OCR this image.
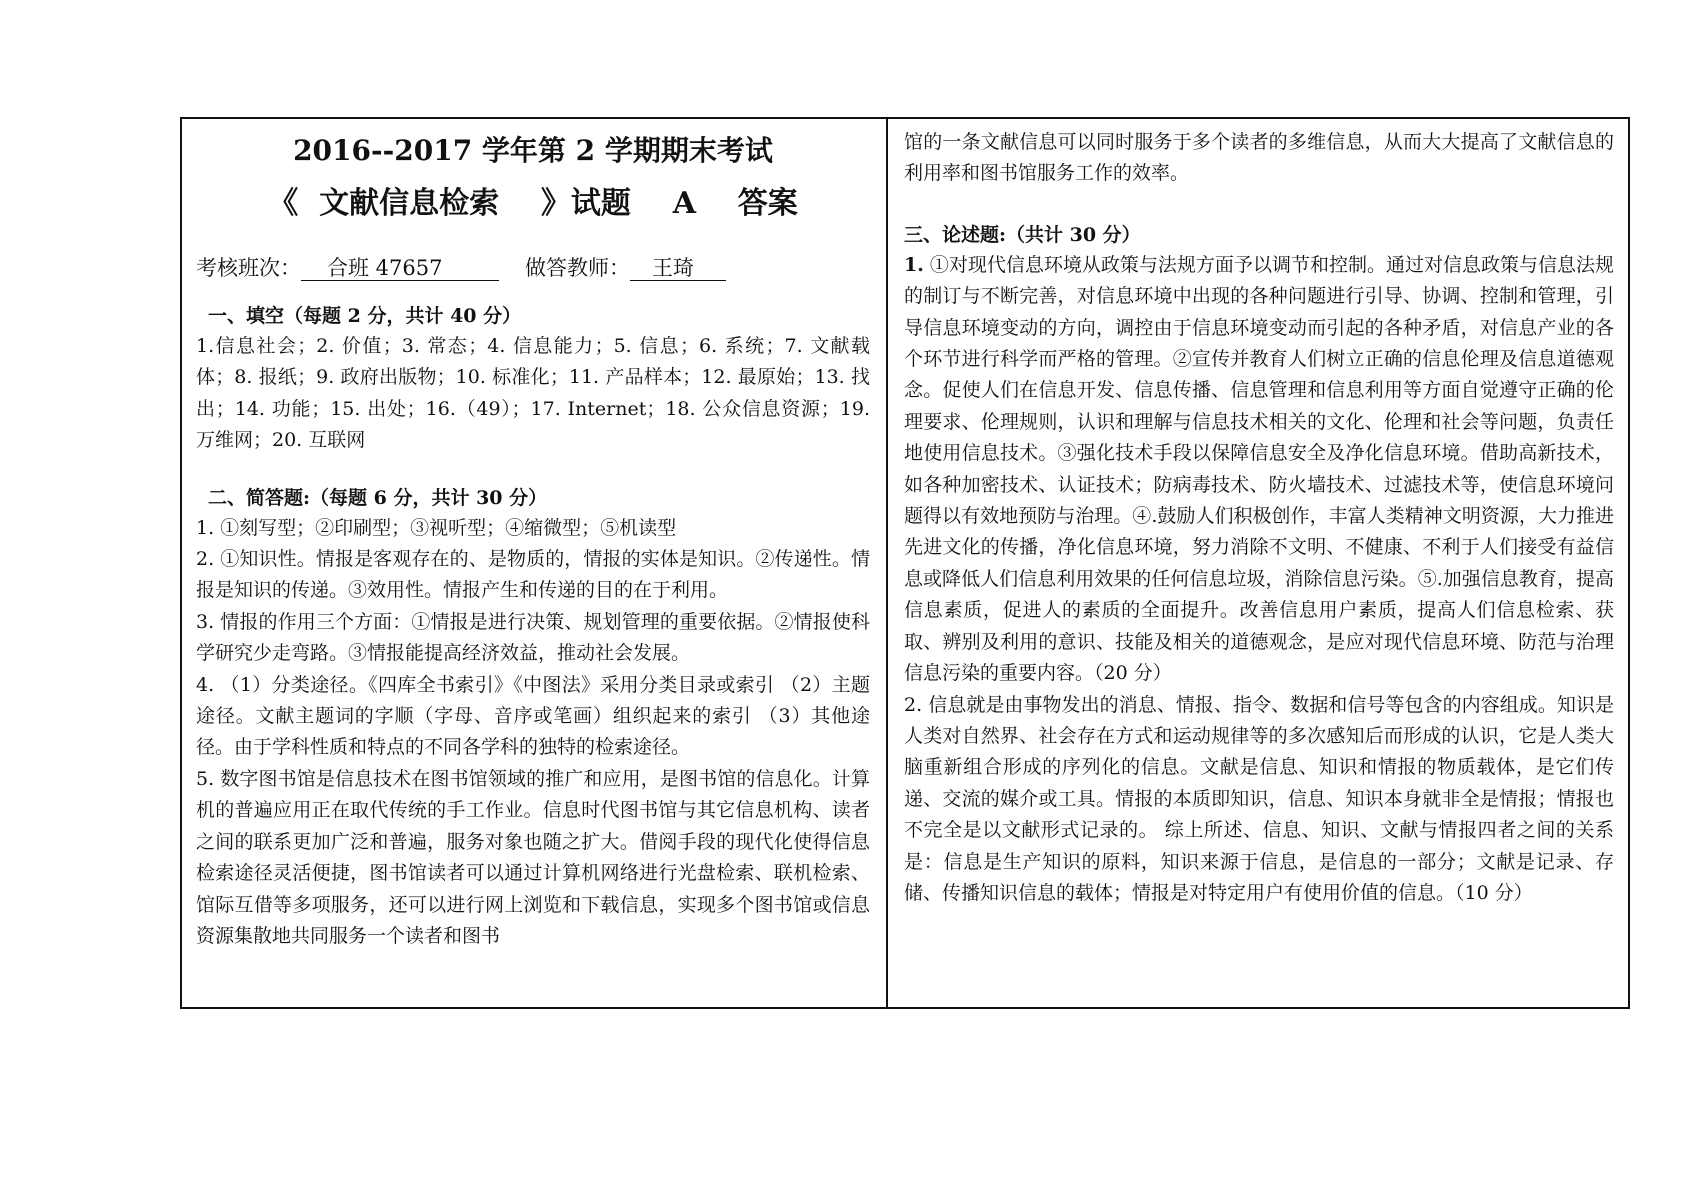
2016--2017 学年第 2 学期期末考试

《  文献信息检索    》试题    A    答案

考核班次： 合班 47657	做答教师： 王琦

一、填空（每题 2 分，共计 40 分）

1.信息社会；2. 价值；3. 常态；4. 信息能力；5. 信息；6. 系统；7. 文献载体；8. 报纸；9. 政府出版物；10. 标准化；11. 产品样本；12. 最原始；13. 找出；14. 功能；15. 出处；16.（49）；17. Internet；18. 公众信息资源；19. 万维网；20. 互联网

二、简答题:（每题 6 分，共计 30 分）

1. ①刻写型；②印刷型；③视听型；④缩微型；⑤机读型

2. ①知识性。情报是客观存在的、是物质的，情报的实体是知识。②传递性。情报是知识的传递。③效用性。情报产生和传递的目的在于利用。

3. 情报的作用三个方面：①情报是进行决策、规划管理的重要依据。②情报使科学研究少走弯路。③情报能提高经济效益，推动社会发展。

4. （1）分类途径。《四库全书索引》《中图法》采用分类目录或索引 （2）主题途径。文献主题词的字顺（字母、音序或笔画）组织起来的索引 （3）其他途径。由于学科性质和特点的不同各学科的独特的检索途径。

5. 数字图书馆是信息技术在图书馆领域的推广和应用，是图书馆的信息化。计算机的普遍应用正在取代传统的手工作业。信息时代图书馆与其它信息机构、读者之间的联系更加广泛和普遍，服务对象也随之扩大。借阅手段的现代化使得信息检索途径灵活便捷，图书馆读者可以通过计算机网络进行光盘检索、联机检索、馆际互借等多项服务，还可以进行网上浏览和下载信息，实现多个图书馆或信息资源集散地共同服务一个读者和图书

馆的一条文献信息可以同时服务于多个读者的多维信息，从而大大提高了文献信息的利用率和图书馆服务工作的效率。

三、论述题:（共计 30 分）

1. ①对现代信息环境从政策与法规方面予以调节和控制。通过对信息政策与信息法规的制订与不断完善，对信息环境中出现的各种问题进行引导、协调、控制和管理，引导信息环境变动的方向，调控由于信息环境变动而引起的各种矛盾，对信息产业的各个环节进行科学而严格的管理。②宣传并教育人们树立正确的信息伦理及信息道德观念。促使人们在信息开发、信息传播、信息管理和信息利用等方面自觉遵守正确的伦理要求、伦理规则，认识和理解与信息技术相关的文化、伦理和社会等问题，负责任地使用信息技术。③强化技术手段以保障信息安全及净化信息环境。借助高新技术，如各种加密技术、认证技术；防病毒技术、防火墙技术、过滤技术等，使信息环境问题得以有效地预防与治理。④.鼓励人们积极创作，丰富人类精神文明资源，大力推进先进文化的传播，净化信息环境，努力消除不文明、不健康、不利于人们接受有益信息或降低人们信息利用效果的任何信息垃圾，消除信息污染。⑤.加强信息教育，提高信息素质，促进人的素质的全面提升。改善信息用户素质，提高人们信息检索、获取、辨别及利用的意识、技能及相关的道德观念，是应对现代信息环境、防范与治理信息污染的重要内容。（20 分）

2. 信息就是由事物发出的消息、情报、指令、数据和信号等包含的内容组成。知识是人类对自然界、社会存在方式和运动规律等的多次感知后而形成的认识，它是人类大脑重新组合形成的序列化的信息。文献是信息、知识和情报的物质载体，是它们传递、交流的媒介或工具。情报的本质即知识，信息、知识本身就非全是情报；情报也不完全是以文献形式记录的。 综上所述、信息、知识、文献与情报四者之间的关系是：信息是生产知识的原料，知识来源于信息，是信息的一部分；文献是记录、存储、传播知识信息的载体；情报是对特定用户有使用价值的信息。（10 分）
